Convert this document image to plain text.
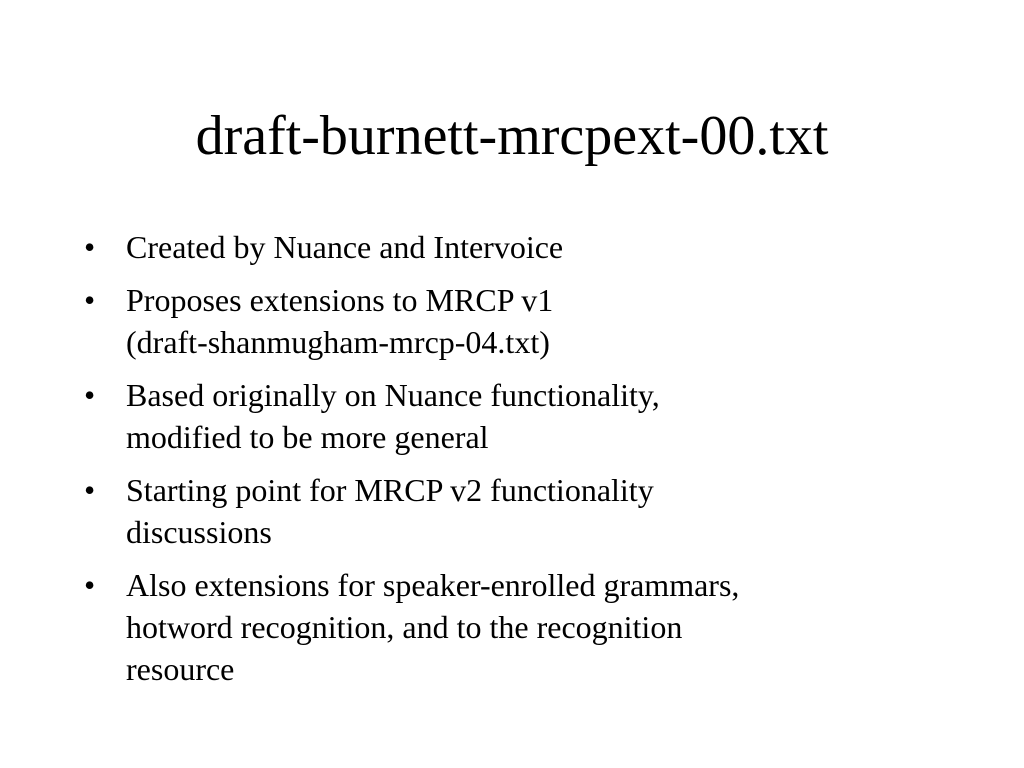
draft-burnett-mrcpext-00.txt
• Created by Nuance and Intervoice
• Proposes extensions to MRCP v1
(draft-shanmugham-mrcp-04.txt)
• Based originally on Nuance functionality,
modified to be more general
• Starting point for MRCP v2 functionality
discussions
• Also extensions for speaker-enrolled grammars,
hotword recognition, and to the recognition
resource
